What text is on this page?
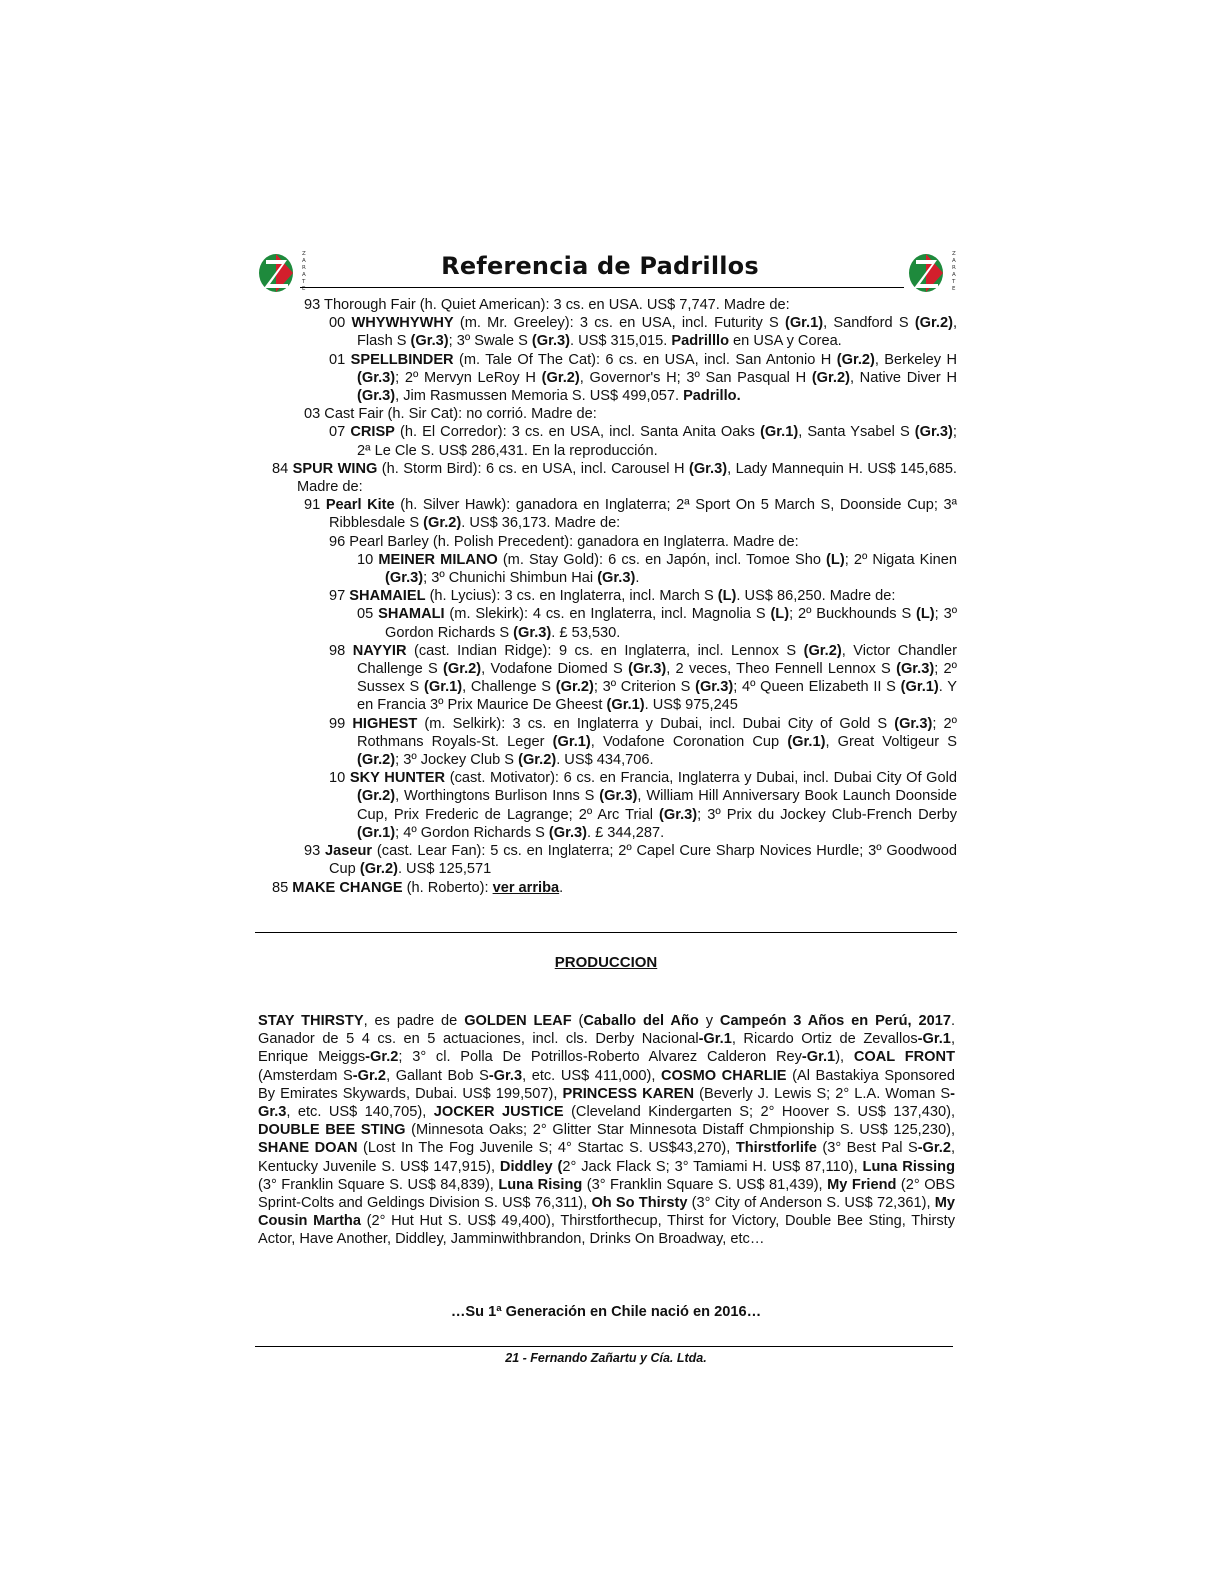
Z
A
R
A
T
E
Z
A
R
A
T
E
Referencia de Padrillos
93 Thorough Fair (h. Quiet American): 3 cs. en USA. US$ 7,747. Madre de:
00 WHYWHYWHY (m. Mr. Greeley): 3 cs. en USA, incl. Futurity S (Gr.1), Sandford S (Gr.2), Flash S (Gr.3); 3º Swale S (Gr.3). US$ 315,015. Padrilllo en USA y Corea.
01 SPELLBINDER (m. Tale Of The Cat): 6 cs. en USA, incl. San Antonio H (Gr.2), Berkeley H (Gr.3); 2º Mervyn LeRoy H (Gr.2), Governor's H; 3º San Pasqual H (Gr.2), Native Diver H (Gr.3), Jim Rasmussen Memoria S. US$ 499,057. Padrillo.
03 Cast Fair (h. Sir Cat): no corrió. Madre de:
07 CRISP (h. El Corredor): 3 cs. en USA, incl. Santa Anita Oaks (Gr.1), Santa Ysabel S (Gr.3); 2ª Le Cle S. US$ 286,431. En la reproducción.
84 SPUR WING (h. Storm Bird): 6 cs. en USA, incl. Carousel H (Gr.3), Lady Mannequin H. US$ 145,685. Madre de:
91 Pearl Kite (h. Silver Hawk): ganadora en Inglaterra; 2ª Sport On 5 March S, Doonside Cup; 3ª Ribblesdale S (Gr.2). US$ 36,173. Madre de:
96 Pearl Barley (h. Polish Precedent): ganadora en Inglaterra. Madre de:
10 MEINER MILANO (m. Stay Gold): 6 cs. en Japón, incl. Tomoe Sho (L); 2º Nigata Kinen (Gr.3); 3º Chunichi Shimbun Hai (Gr.3).
97 SHAMAIEL (h. Lycius): 3 cs. en Inglaterra, incl. March S (L). US$ 86,250. Madre de:
05 SHAMALI (m. Slekirk): 4 cs. en Inglaterra, incl. Magnolia S (L); 2º Buckhounds S (L); 3º Gordon Richards S (Gr.3). £ 53,530.
98 NAYYIR (cast. Indian Ridge): 9 cs. en Inglaterra, incl. Lennox S (Gr.2), Victor Chandler Challenge S (Gr.2), Vodafone Diomed S (Gr.3), 2 veces, Theo Fennell Lennox S (Gr.3); 2º Sussex S (Gr.1), Challenge S (Gr.2); 3º Criterion S (Gr.3); 4º Queen Elizabeth II S (Gr.1). Y en Francia 3º Prix Maurice De Gheest (Gr.1). US$ 975,245
99 HIGHEST (m. Selkirk): 3 cs. en Inglaterra y Dubai, incl. Dubai City of Gold S (Gr.3); 2º Rothmans Royals-St. Leger (Gr.1), Vodafone Coronation Cup (Gr.1), Great Voltigeur S (Gr.2); 3º Jockey Club S (Gr.2). US$ 434,706.
10 SKY HUNTER (cast. Motivator): 6 cs. en Francia, Inglaterra y Dubai, incl. Dubai City Of Gold (Gr.2), Worthingtons Burlison Inns S (Gr.3), William Hill Anniversary Book Launch Doonside Cup, Prix Frederic de Lagrange; 2º Arc Trial (Gr.3); 3º Prix du Jockey Club-French Derby (Gr.1); 4º Gordon Richards S (Gr.3). £ 344,287.
93 Jaseur (cast. Lear Fan): 5 cs. en Inglaterra; 2º Capel Cure Sharp Novices Hurdle; 3º Goodwood Cup (Gr.2). US$ 125,571
85 MAKE CHANGE (h. Roberto): ver arriba.
PRODUCCION
STAY THIRSTY, es padre de GOLDEN LEAF (Caballo del Año y Campeón 3 Años en Perú, 2017. Ganador de 5 4 cs. en 5 actuaciones, incl. cls. Derby Nacional-Gr.1, Ricardo Ortiz de Zevallos-Gr.1, Enrique Meiggs-Gr.2; 3° cl. Polla De Potrillos-Roberto Alvarez Calderon Rey-Gr.1), COAL FRONT (Amsterdam S-Gr.2, Gallant Bob S-Gr.3, etc. US$ 411,000), COSMO CHARLIE (Al Bastakiya Sponsored By Emirates Skywards, Dubai. US$ 199,507), PRINCESS KAREN (Beverly J. Lewis S; 2° L.A. Woman S-Gr.3, etc. US$ 140,705), JOCKER JUSTICE (Cleveland Kindergarten S; 2° Hoover S. US$ 137,430), DOUBLE BEE STING (Minnesota Oaks; 2° Glitter Star Minnesota Distaff Chmpionship S. US$ 125,230), SHANE DOAN (Lost In The Fog Juvenile S; 4° Startac S. US$43,270), Thirstforlife (3° Best Pal S-Gr.2, Kentucky Juvenile S. US$ 147,915), Diddley (2° Jack Flack S; 3° Tamiami H. US$ 87,110), Luna Rissing (3° Franklin Square S. US$ 84,839), Luna Rising (3° Franklin Square S. US$ 81,439), My Friend (2° OBS Sprint-Colts and Geldings Division S. US$ 76,311), Oh So Thirsty (3° City of Anderson S. US$ 72,361), My Cousin Martha (2° Hut Hut S. US$ 49,400), Thirstforthecup, Thirst for Victory, Double Bee Sting, Thirsty Actor, Have Another, Diddley, Jamminwithbrandon, Drinks On Broadway, etc…
…Su 1ª Generación en Chile nació en 2016…
21 - Fernando Zañartu y Cía. Ltda.
